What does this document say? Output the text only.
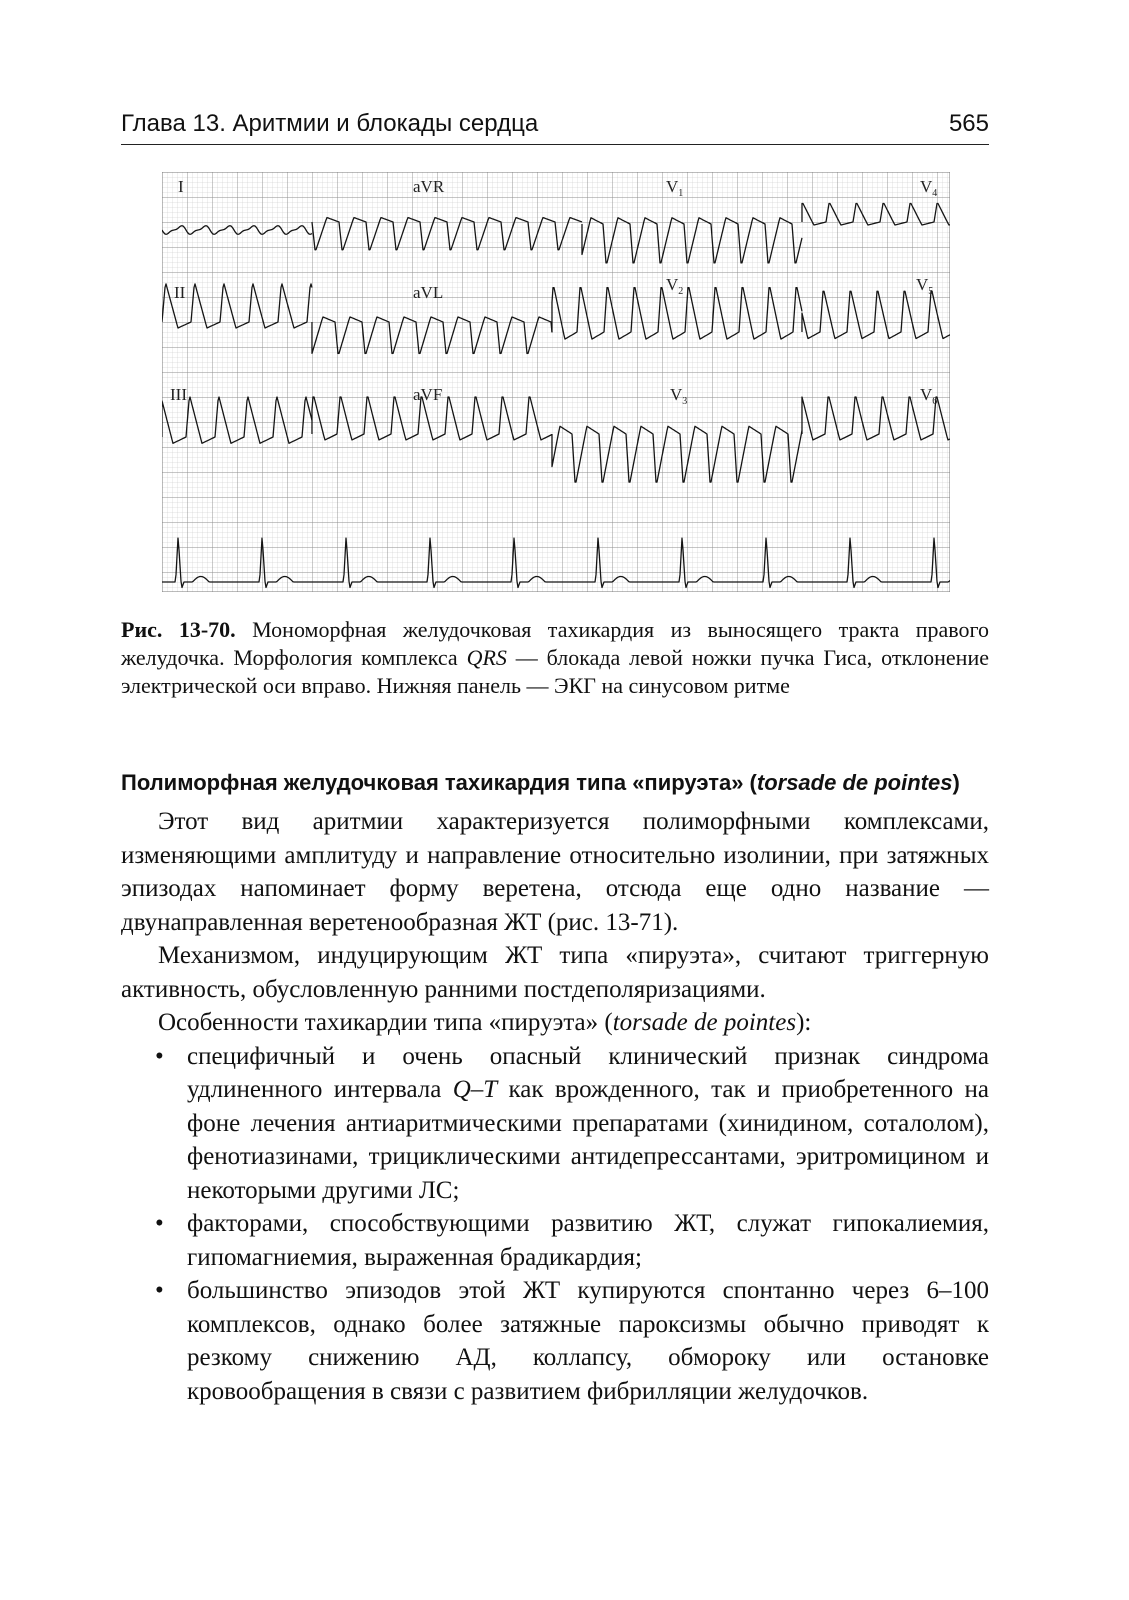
Глава 13. Аритмии и блокады сердца	565
I	aVR	$V_1$	$V_4$
II	aVL	$V_2$	$V_5$
III	aVF	$V_3$	$V_6$
Рис. 13-70. Мономорфная желудочковая тахикардия из выносящего тракта правого желудочка. Морфология комплекса QRS — блокада левой ножки пучка Гиса, отклонение электрической оси вправо. Нижняя панель — ЭКГ на синусовом ритме
Полиморфная желудочковая тахикардия типа «пируэта» (torsade de pointes)

Этот вид аритмии характеризуется полиморфными комплексами, изменяющими амплитуду и направление относительно изолинии, при затяжных эпизодах напоминает форму веретена, отсюда еще одно название — двунаправленная веретенообразная ЖТ (рис. 13-71).

Механизмом, индуцирующим ЖТ типа «пируэта», считают триггерную активность, обусловленную ранними постдеполяризациями.

Особенности тахикардии типа «пируэта» (torsade de pointes):

• специфичный и очень опасный клинический признак синдрома удлиненного интервала Q–T как врожденного, так и приобретенного на фоне лечения антиаритмическими препаратами (хинидином, соталолом), фенотиазинами, трициклическими антидепрессантами, эритромицином и некоторыми другими ЛС;
• факторами, способствующими развитию ЖТ, служат гипокалиемия, гипомагниемия, выраженная брадикардия;
• большинство эпизодов этой ЖТ купируются спонтанно через 6–100 комплексов, однако более затяжные пароксизмы обычно приводят к резкому снижению АД, коллапсу, обмороку или остановке кровообращения в связи с развитием фибрилляции желудочков.
